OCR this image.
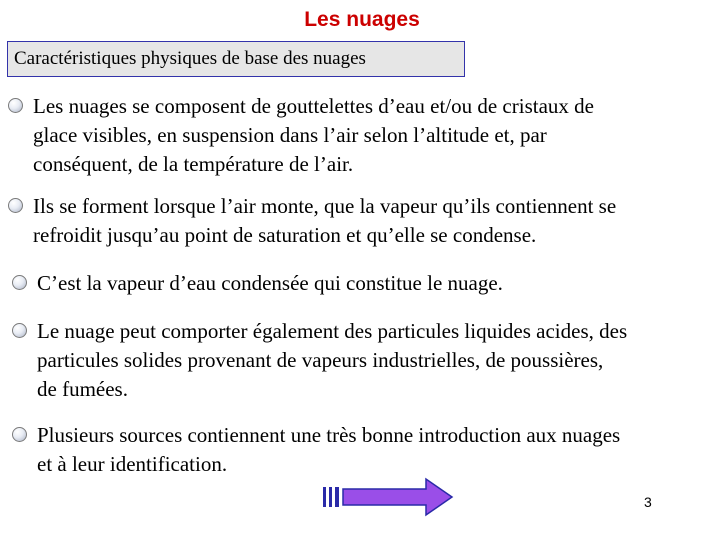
Les nuages
Caractéristiques physiques de base des nuages
Les nuages se composent de gouttelettes d’eau et/ou de cristaux de
glace visibles, en suspension dans l’air selon l’altitude et, par
conséquent, de la température de l’air.
Ils se forment lorsque l’air monte, que la vapeur qu’ils contiennent se
refroidit jusqu’au point de saturation et qu’elle se condense.
C’est la vapeur d’eau condensée qui constitue le nuage.
Le nuage peut comporter également des particules liquides acides, des
particules solides provenant de vapeurs industrielles, de poussières,
de fumées.
Plusieurs sources contiennent une très bonne introduction aux nuages
et à leur identification.
3
